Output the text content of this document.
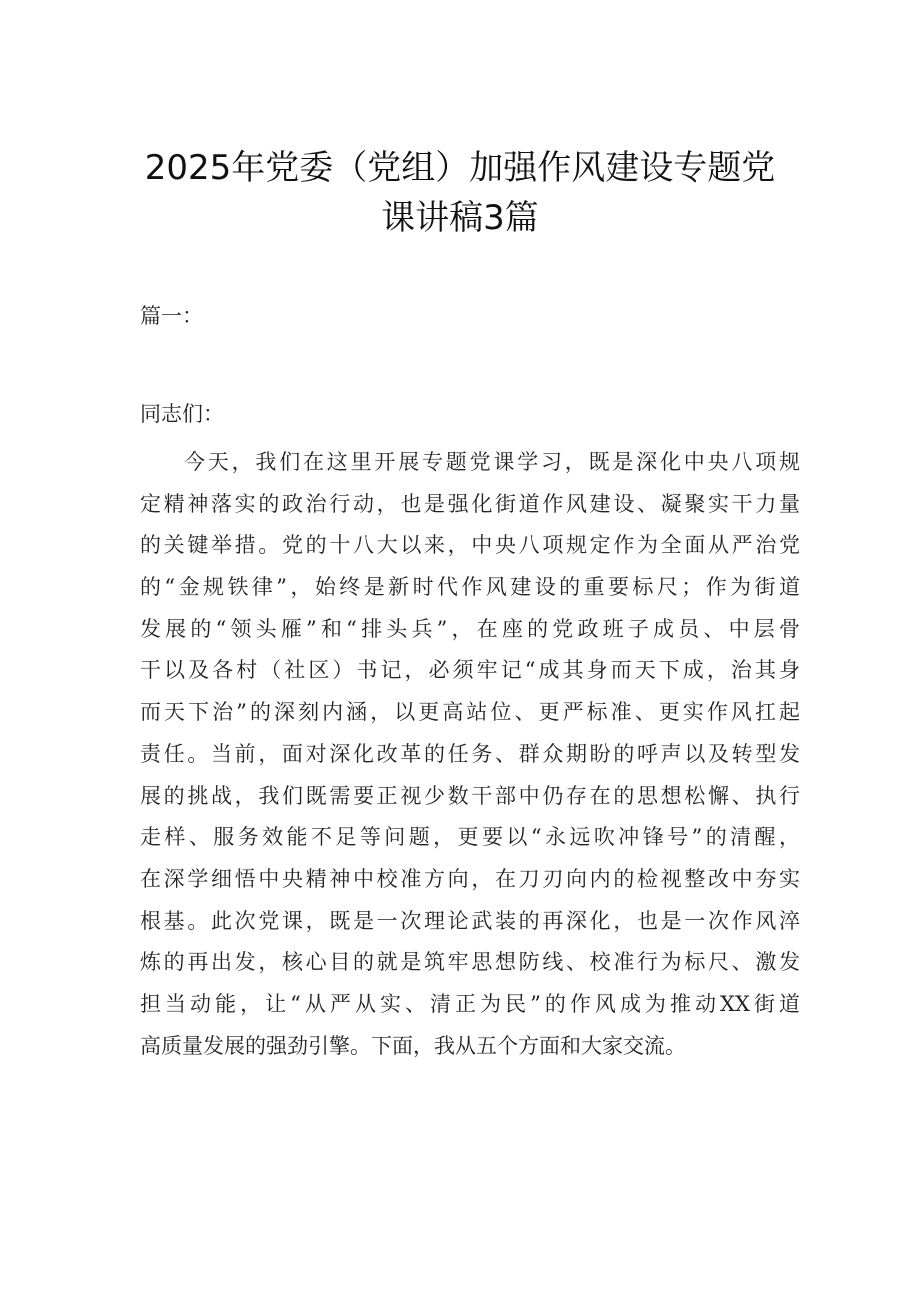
2025年党委（党组）加强作风建设专题党
课讲稿3篇
篇一：
同志们：
今天，我们在这里开展专题党课学习，既是深化中央八项规
定精神落实的政治行动，也是强化街道作风建设、凝聚实干力量
的关键举措。党的十八大以来，中央八项规定作为全面从严治党
的“金规铁律”，始终是新时代作风建设的重要标尺；作为街道
发展的“领头雁”和“排头兵”，在座的党政班子成员、中层骨
干以及各村（社区）书记，必须牢记“成其身而天下成，治其身
而天下治”的深刻内涵，以更高站位、更严标准、更实作风扛起
责任。当前，面对深化改革的任务、群众期盼的呼声以及转型发
展的挑战，我们既需要正视少数干部中仍存在的思想松懈、执行
走样、服务效能不足等问题，更要以“永远吹冲锋号”的清醒，
在深学细悟中央精神中校准方向，在刀刃向内的检视整改中夯实
根基。此次党课，既是一次理论武装的再深化，也是一次作风淬
炼的再出发，核心目的就是筑牢思想防线、校准行为标尺、激发
担当动能，让“从严从实、清正为民”的作风成为推动XX街道
高质量发展的强劲引擎。下面，我从五个方面和大家交流。
